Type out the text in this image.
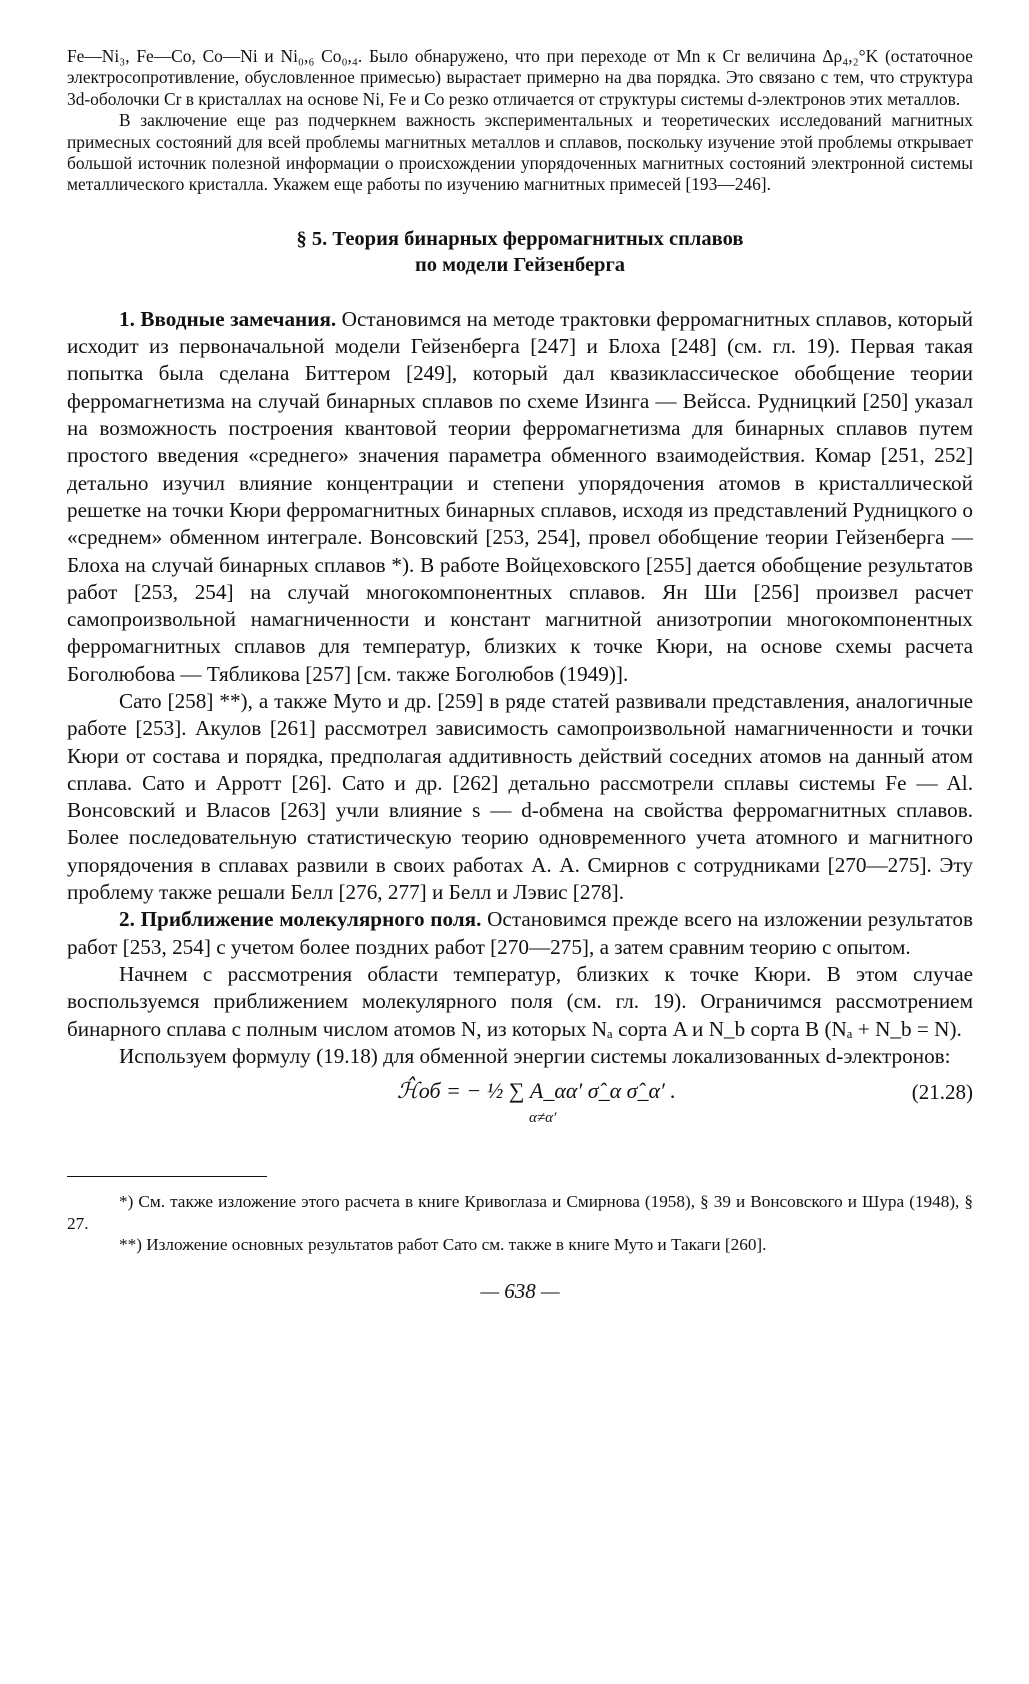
Fe—Ni₃, Fe—Co, Co—Ni и Ni₀,₆ Co₀,₄. Было обнаружено, что при переходе от Mn к Cr величина Δρ₄,₂°K (остаточное электросопротивление, обусловленное примесью) вырастает примерно на два порядка. Это связано с тем, что структура 3d-оболочки Cr в кристаллах на основе Ni, Fe и Co резко отличается от структуры системы d-электронов этих металлов.

В заключение еще раз подчеркнем важность экспериментальных и теоретических исследований магнитных примесных состояний для всей проблемы магнитных металлов и сплавов, поскольку изучение этой проблемы открывает большой источник полезной информации о происхождении упорядоченных магнитных состояний электронной системы металлического кристалла. Укажем еще работы по изучению магнитных примесей [193—246].

§ 5. Теория бинарных ферромагнитных сплавов
по модели Гейзенберга

1. Вводные замечания. Остановимся на методе трактовки ферромагнитных сплавов, который исходит из первоначальной модели Гейзенберга [247] и Блоха [248] (см. гл. 19). Первая такая попытка была сделана Биттером [249], который дал квазиклассическое обобщение теории ферромагнетизма на случай бинарных сплавов по схеме Изинга — Вейсса. Рудницкий [250] указал на возможность построения квантовой теории ферромагнетизма для бинарных сплавов путем простого введения «среднего» значения параметра обменного взаимодействия. Комар [251, 252] детально изучил влияние концентрации и степени упорядочения атомов в кристаллической решетке на точки Кюри ферромагнитных бинарных сплавов, исходя из представлений Рудницкого о «среднем» обменном интеграле. Вонсовский [253, 254], провел обобщение теории Гейзенберга — Блоха на случай бинарных сплавов *). В работе Войцеховского [255] дается обобщение результатов работ [253, 254] на случай многокомпонентных сплавов. Ян Ши [256] произвел расчет самопроизвольной намагниченности и констант магнитной анизотропии многокомпонентных ферромагнитных сплавов для температур, близких к точке Кюри, на основе схемы расчета Боголюбова — Тябликова [257] [см. также Боголюбов (1949)].

Сато [258] **), а также Муто и др. [259] в ряде статей развивали представления, аналогичные работе [253]. Акулов [261] рассмотрел зависимость самопроизвольной намагниченности и точки Кюри от состава и порядка, предполагая аддитивность действий соседних атомов на данный атом сплава. Сато и Арротт [26]. Сато и др. [262] детально рассмотрели сплавы системы Fe — Al. Вонсовский и Власов [263] учли влияние s — d-обмена на свойства ферромагнитных сплавов. Более последовательную статистическую теорию одновременного учета атомного и магнитного упорядочения в сплавах развили в своих работах А. А. Смирнов с сотрудниками [270—275]. Эту проблему также решали Белл [276, 277] и Белл и Лэвис [278].

2. Приближение молекулярного поля. Остановимся прежде всего на изложении результатов работ [253, 254] с учетом более поздних работ [270—275], а затем сравним теорию с опытом.

Начнем с рассмотрения области температур, близких к точке Кюри. В этом случае воспользуемся приближением молекулярного поля (см. гл. 19). Ограничимся рассмотрением бинарного сплава с полным числом атомов N, из которых Nₐ сорта A и N_b сорта B (Nₐ + N_b = N).

Используем формулу (19.18) для обменной энергии системы локализованных d-электронов:

ℋ̂об = − ½ ∑ A_αα′ σ̂_α σ̂_α′ .
α≠α′
(21.28)

*) См. также изложение этого расчета в книге Кривоглаза и Смирнова (1958), § 39 и Вонсовского и Шура (1948), § 27.

**) Изложение основных результатов работ Сато см. также в книге Муто и Такаги [260].

— 638 —
